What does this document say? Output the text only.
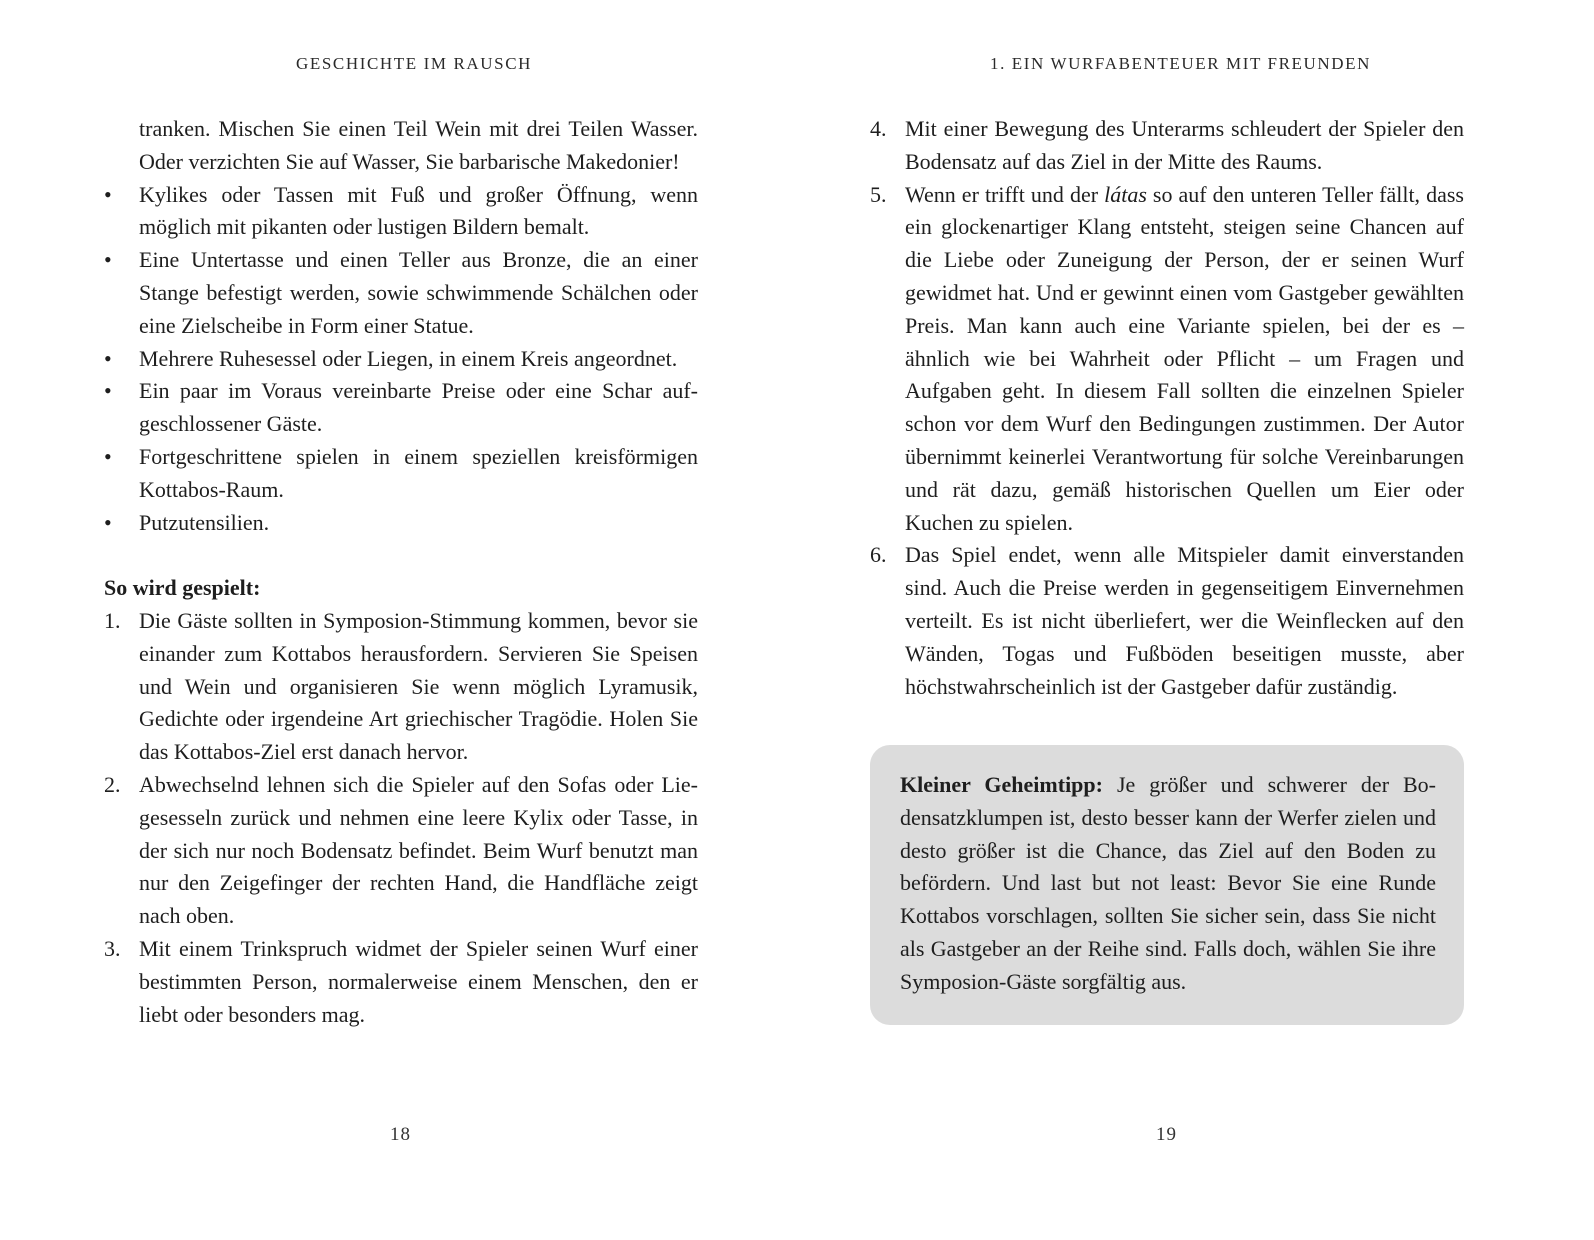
GESCHICHTE IM RAUSCH
tranken. Mischen Sie einen Teil Wein mit drei Teilen Wasser. Oder verzichten Sie auf Wasser, Sie barbarische Makedonier!
• Kylikes oder Tassen mit Fuß und großer Öffnung, wenn möglich mit pikanten oder lustigen Bildern bemalt.
• Eine Untertasse und einen Teller aus Bronze, die an einer Stange befestigt werden, sowie schwimmende Schälchen oder eine Zielscheibe in Form einer Statue.
• Mehrere Ruhesessel oder Liegen, in einem Kreis angeordnet.
• Ein paar im Voraus vereinbarte Preise oder eine Schar aufgeschlossener Gäste.
• Fortgeschrittene spielen in einem speziellen kreisförmigen Kottabos-Raum.
• Putzutensilien.
So wird gespielt:
1. Die Gäste sollten in Symposion-Stimmung kommen, bevor sie einander zum Kottabos herausfordern. Servieren Sie Speisen und Wein und organisieren Sie wenn möglich Lyramusik, Gedichte oder irgendeine Art griechischer Tragödie. Holen Sie das Kottabos-Ziel erst danach hervor.
2. Abwechselnd lehnen sich die Spieler auf den Sofas oder Liegesesseln zurück und nehmen eine leere Kylix oder Tasse, in der sich nur noch Bodensatz befindet. Beim Wurf benutzt man nur den Zeigefinger der rechten Hand, die Handfläche zeigt nach oben.
3. Mit einem Trinkspruch widmet der Spieler seinen Wurf einer bestimmten Person, normalerweise einem Menschen, den er liebt oder besonders mag.
18
1. EIN WURFABENTEUER MIT FREUNDEN
4. Mit einer Bewegung des Unterarms schleudert der Spieler den Bodensatz auf das Ziel in der Mitte des Raums.
5. Wenn er trifft und der látas so auf den unteren Teller fällt, dass ein glockenartiger Klang entsteht, steigen seine Chancen auf die Liebe oder Zuneigung der Person, der er seinen Wurf gewidmet hat. Und er gewinnt einen vom Gastgeber gewählten Preis. Man kann auch eine Variante spielen, bei der es – ähnlich wie bei Wahrheit oder Pflicht – um Fragen und Aufgaben geht. In diesem Fall sollten die einzelnen Spieler schon vor dem Wurf den Bedingungen zustimmen. Der Autor übernimmt keinerlei Verantwortung für solche Vereinbarungen und rät dazu, gemäß historischen Quellen um Eier oder Kuchen zu spielen.
6. Das Spiel endet, wenn alle Mitspieler damit einverstanden sind. Auch die Preise werden in gegenseitigem Einvernehmen verteilt. Es ist nicht überliefert, wer die Weinflecken auf den Wänden, Togas und Fußböden beseitigen musste, aber höchstwahrscheinlich ist der Gastgeber dafür zuständig.
Kleiner Geheimtipp: Je größer und schwerer der Bodensatzklumpen ist, desto besser kann der Werfer zielen und desto größer ist die Chance, das Ziel auf den Boden zu befördern. Und last but not least: Bevor Sie eine Runde Kottabos vorschlagen, sollten Sie sicher sein, dass Sie nicht als Gastgeber an der Reihe sind. Falls doch, wählen Sie ihre Symposion-Gäste sorgfältig aus.
19
